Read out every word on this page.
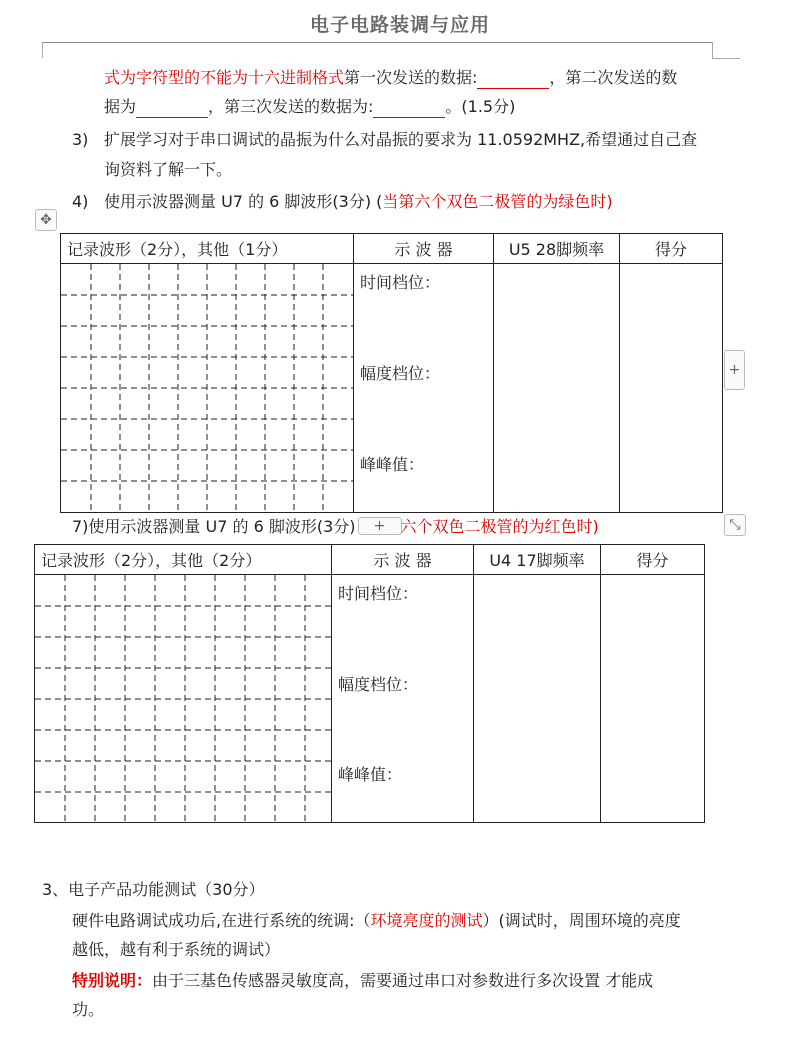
电子电路装调与应用
式为字符型的不能为十六进制格式第一次发送的数据:	，第二次发送的数
据为	，第三次发送的数据为:	。(1.5分)
3) 扩展学习对于串口调试的晶振为什么对晶振的要求为 11.0592MHZ,希望通过自己查
询资料了解一下。
4) 使用示波器测量 U7 的 6 脚波形(3分) (当第六个双色二极管的为绿色时)
✥
记录波形（2分），其他（1分）	示 波 器	U5 28脚频率	得分

时间档位：
幅度档位：
峰峰值：		

+
7)使用示波器测量 U7 的 6 脚波形(3分) + 六个双色二极管的为红色时)	⤡
记录波形（2分），其他（2分）	示 波 器	U4 17脚频率	得分

时间档位：
幅度档位：
峰峰值：		

3、电子产品功能测试（30分）
硬件电路调试成功后,在进行系统的统调:（环境亮度的测试）(调试时，周围环境的亮度
越低，越有利于系统的调试）
特别说明：由于三基色传感器灵敏度高，需要通过串口对参数进行多次设置 才能成
功。
